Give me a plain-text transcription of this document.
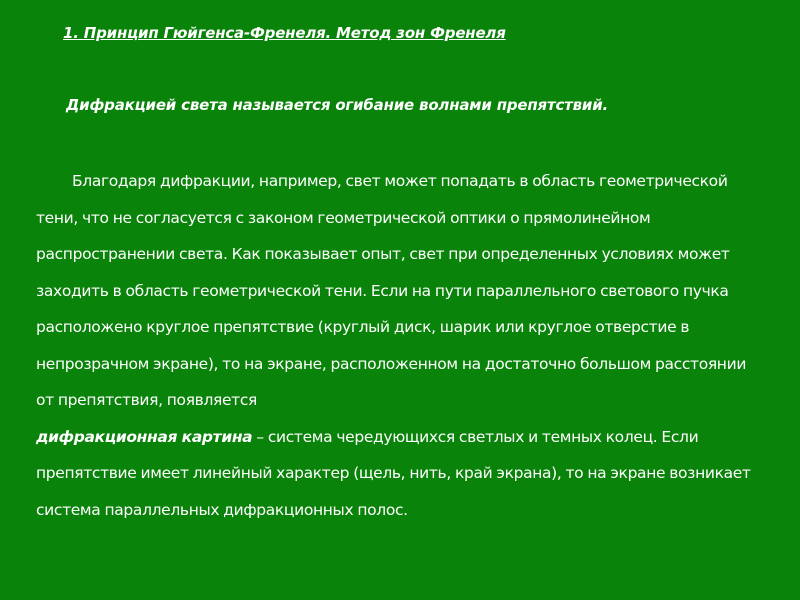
1. Принцип Гюйгенса-Френеля. Метод зон Френеля
Дифракцией света называется огибание волнами препятствий.
Благодаря дифракции, например, свет может попадать в область геометрической тени, что не согласуется с законом геометрической оптики о прямолинейном распространении света. Как показывает опыт, свет при определенных условиях может заходить в область геометрической тени. Если на пути параллельного светового пучка расположено круглое препятствие (круглый диск, шарик или круглое отверстие в непрозрачном экране), то на экране, расположенном на достаточно большом расстоянии от препятствия, появляется
дифракционная картина – система чередующихся светлых и темных колец. Если препятствие имеет линейный характер (щель, нить, край экрана), то на экране возникает система параллельных дифракционных полос.
